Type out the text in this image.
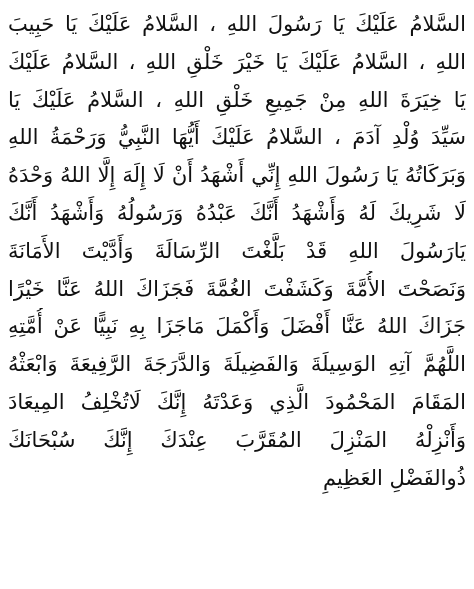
السَّلامُ عَلَيْكَ يَا رَسُولَ اللهِ ، السَّلامُ عَلَيْكَ يَا حَبِيبَ
اللهِ ، السَّلامُ عَلَيْكَ يَا خَيْرَ خَلْقِ اللهِ ، السَّلامُ عَلَيْكَ
يَا خِيَرَةَ اللهِ مِنْ جَمِيعِ خَلْقِ اللهِ ، السَّلامُ عَلَيْكَ يَا
سَيِّدَ وُلْدِ آدَمَ ، السَّلامُ عَلَيْكَ أَيُّهَا النَّبِيُّ وَرَحْمَةُ اللهِ
وَبَرَكَاتُهُ يَا رَسُولَ اللهِ إِنِّي أَشْهَدُ أَنْ لَا إِلَهَ إِلَّا اللهُ وَحْدَهُ
لَا شَرِيكَ لَهُ وَأَشْهَدُ أَنَّكَ عَبْدُهُ وَرَسُولُهُ وَأَشْهَدُ أَنَّكَ
يَارَسُولَ اللهِ قَدْ بَلَّغْتَ الرِّسَالَةَ وَأَدَّيْتَ الأَمَانَةَ
وَنَصَحْتَ الأُمَّةَ وَكَشَفْتَ الغُمَّةَ فَجَزَاكَ اللهُ عَنَّا خَيْرًا
جَزَاكَ اللهُ عَنَّا أَفْضَلَ وَأَكْمَلَ مَاجَزَا بِهِ نَبِيًّا عَنْ أُمَّتِهِ
اللَّهُمَّ آتِهِ الوَسِيلَةَ وَالفَضِيلَةَ وَالدَّرَجَةَ الرَّفِيعَةَ وَابْعَثْهُ
المَقَامَ المَحْمُودَ الَّذِي وَعَدْتَهُ إِنَّكَ لَاتُخْلِفُ المِيعَادَ
وَأَنْزِلْهُ المَنْزِلَ المُقَرَّبَ عِنْدَكَ إِنَّكَ سُبْحَانَكَ
ذُوالفَضْلِ العَظِيمِ
